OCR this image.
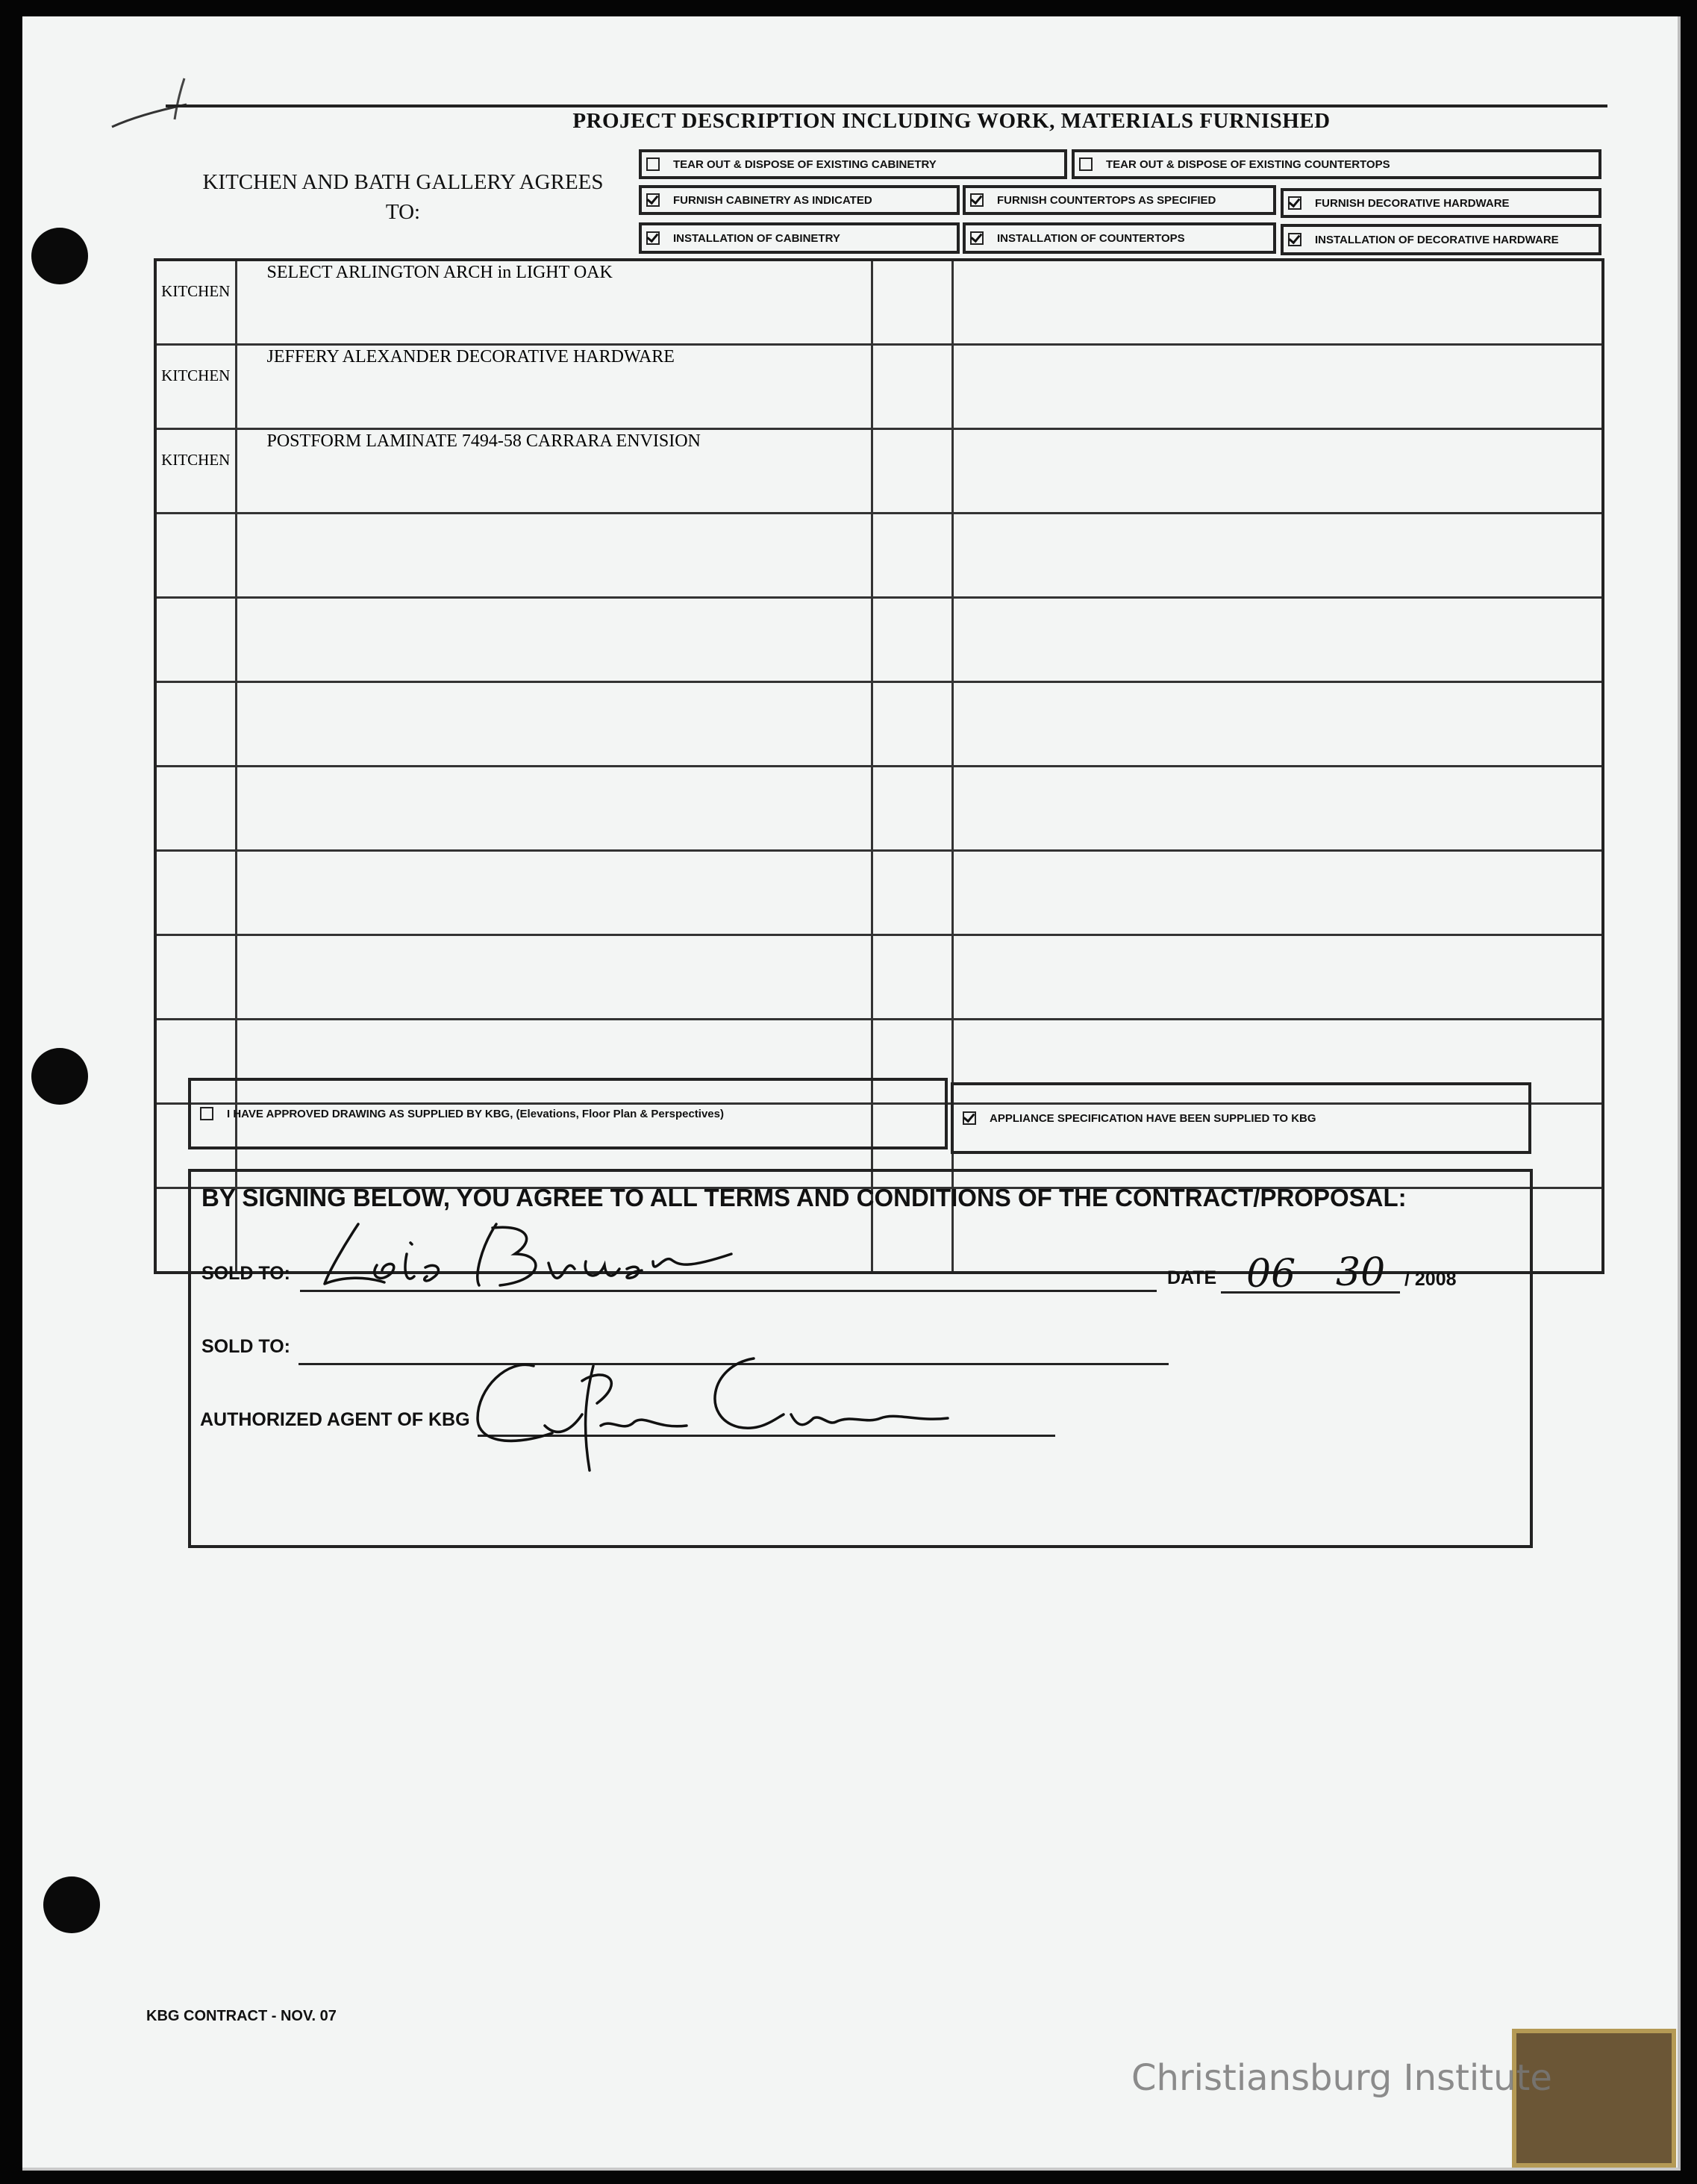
PROJECT DESCRIPTION INCLUDING WORK, MATERIALS FURNISHED
KITCHEN AND BATH GALLERY AGREES
TO:
TEAR OUT & DISPOSE OF EXISTING CABINETRY	TEAR OUT & DISPOSE OF EXISTING COUNTERTOPS
FURNISH CABINETRY AS INDICATED	FURNISH COUNTERTOPS AS SPECIFIED	FURNISH DECORATIVE HARDWARE
INSTALLATION OF CABINETRY	INSTALLATION OF COUNTERTOPS	INSTALLATION OF DECORATIVE HARDWARE
KITCHEN	SELECT ARLINGTON ARCH in LIGHT OAK		
KITCHEN	JEFFERY ALEXANDER DECORATIVE HARDWARE		
KITCHEN	POSTFORM LAMINATE 7494-58 CARRARA ENVISION		

I HAVE APPROVED DRAWING AS SUPPLIED BY KBG, (Elevations, Floor Plan & Perspectives)	APPLIANCE SPECIFICATION HAVE BEEN SUPPLIED TO KBG
BY SIGNING BELOW, YOU AGREE TO ALL TERMS AND CONDITIONS OF THE CONTRACT/PROPOSAL:
SOLD TO:	DATE 06 30 / 2008
SOLD TO:
AUTHORIZED AGENT OF KBG
KBG CONTRACT - NOV. 07
Christiansburg Institute
